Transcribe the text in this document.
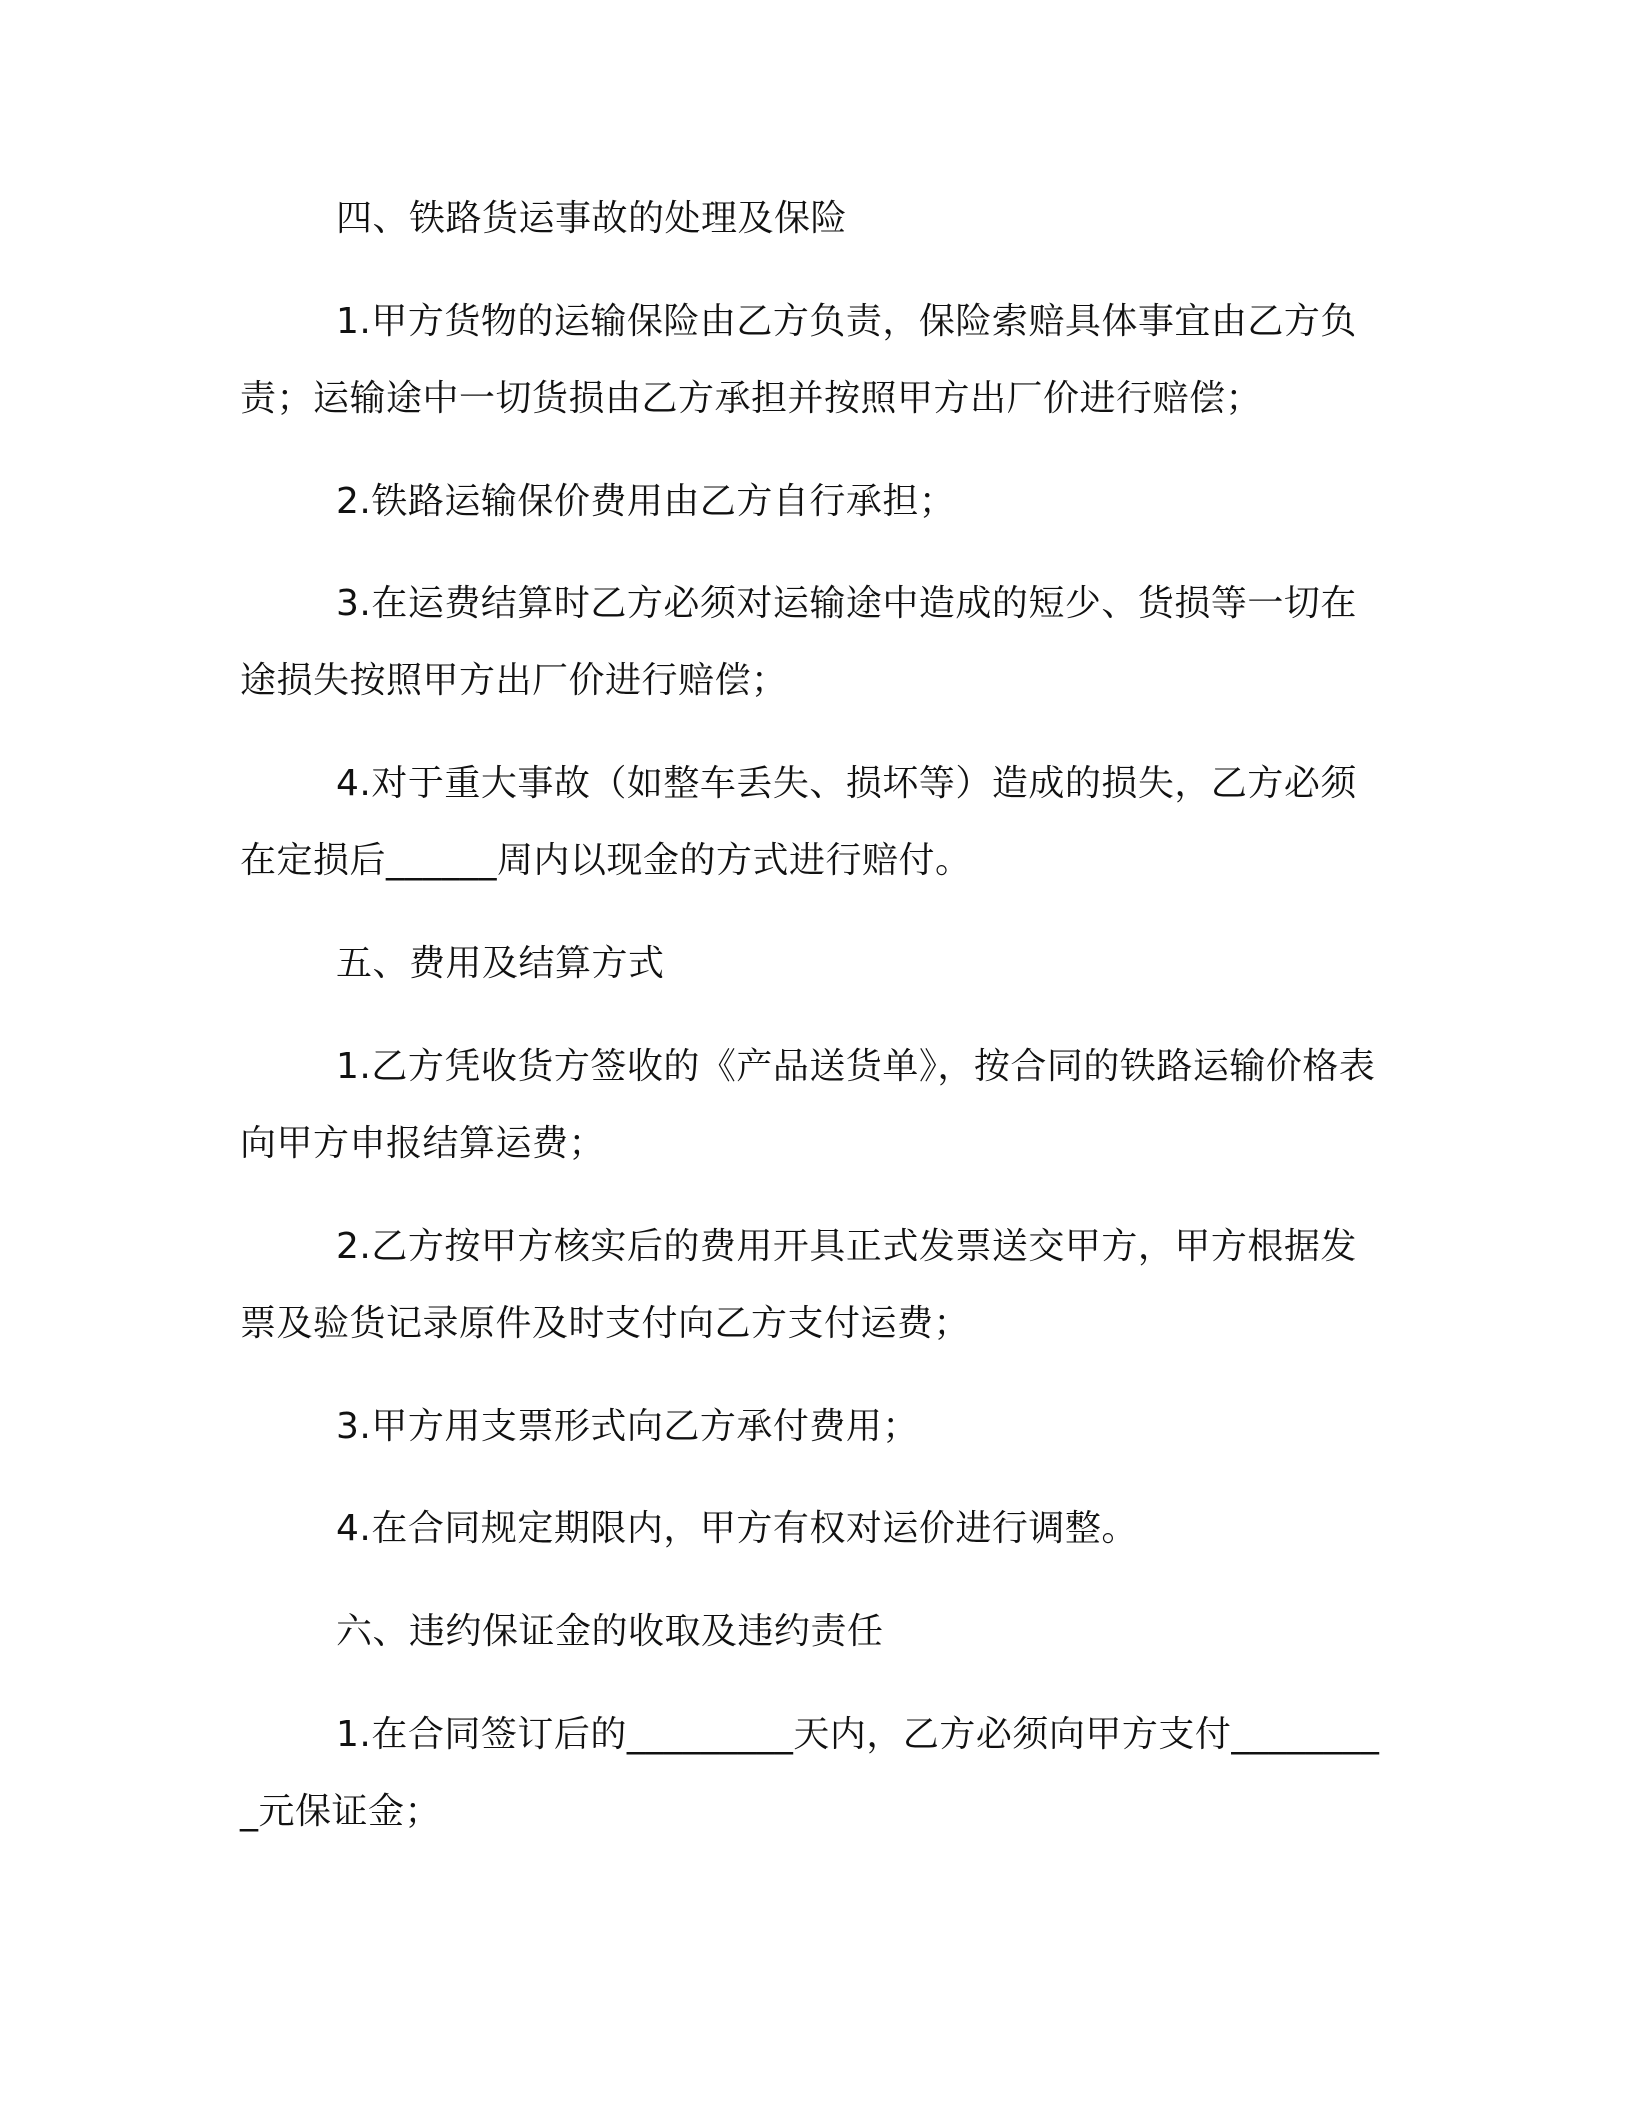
四、铁路货运事故的处理及保险
1.甲方货物的运输保险由乙方负责，保险索赔具体事宜由乙方负责；运输途中一切货损由乙方承担并按照甲方出厂价进行赔偿；
2.铁路运输保价费用由乙方自行承担；
3.在运费结算时乙方必须对运输途中造成的短少、货损等一切在途损失按照甲方出厂价进行赔偿；
4.对于重大事故（如整车丢失、损坏等）造成的损失，乙方必须在定损后______周内以现金的方式进行赔付。
五、费用及结算方式
1.乙方凭收货方签收的《产品送货单》，按合同的铁路运输价格表向甲方申报结算运费；
2.乙方按甲方核实后的费用开具正式发票送交甲方，甲方根据发票及验货记录原件及时支付向乙方支付运费；
3.甲方用支票形式向乙方承付费用；
4.在合同规定期限内，甲方有权对运价进行调整。
六、违约保证金的收取及违约责任
1.在合同签订后的_________天内，乙方必须向甲方支付_________元保证金；
